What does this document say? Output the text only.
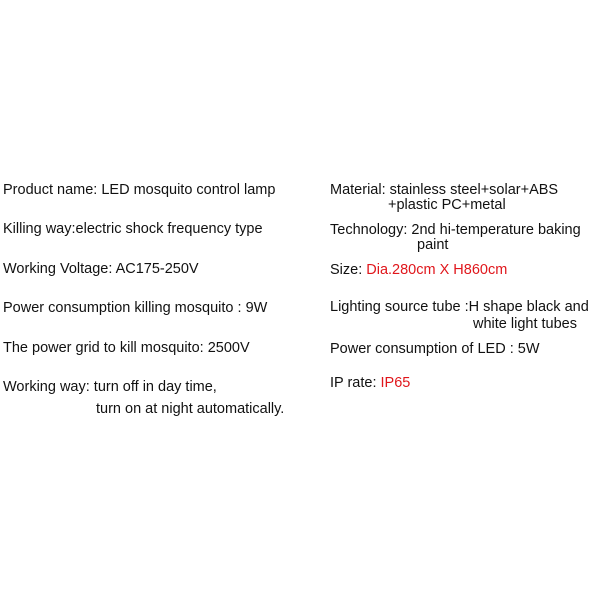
Product name: LED mosquito control lamp
Killing way:electric shock frequency type
Working Voltage: AC175-250V
Power consumption killing mosquito : 9W
The power grid to kill mosquito: 2500V
Working way: turn off in day time,
turn on at night automatically.
Material: stainless steel+solar+ABS
+plastic PC+metal
Technology: 2nd hi-temperature baking
paint
Size: Dia.280cm X H860cm
Lighting source tube :H shape black and
white light tubes
Power consumption of LED : 5W
IP rate: IP65
